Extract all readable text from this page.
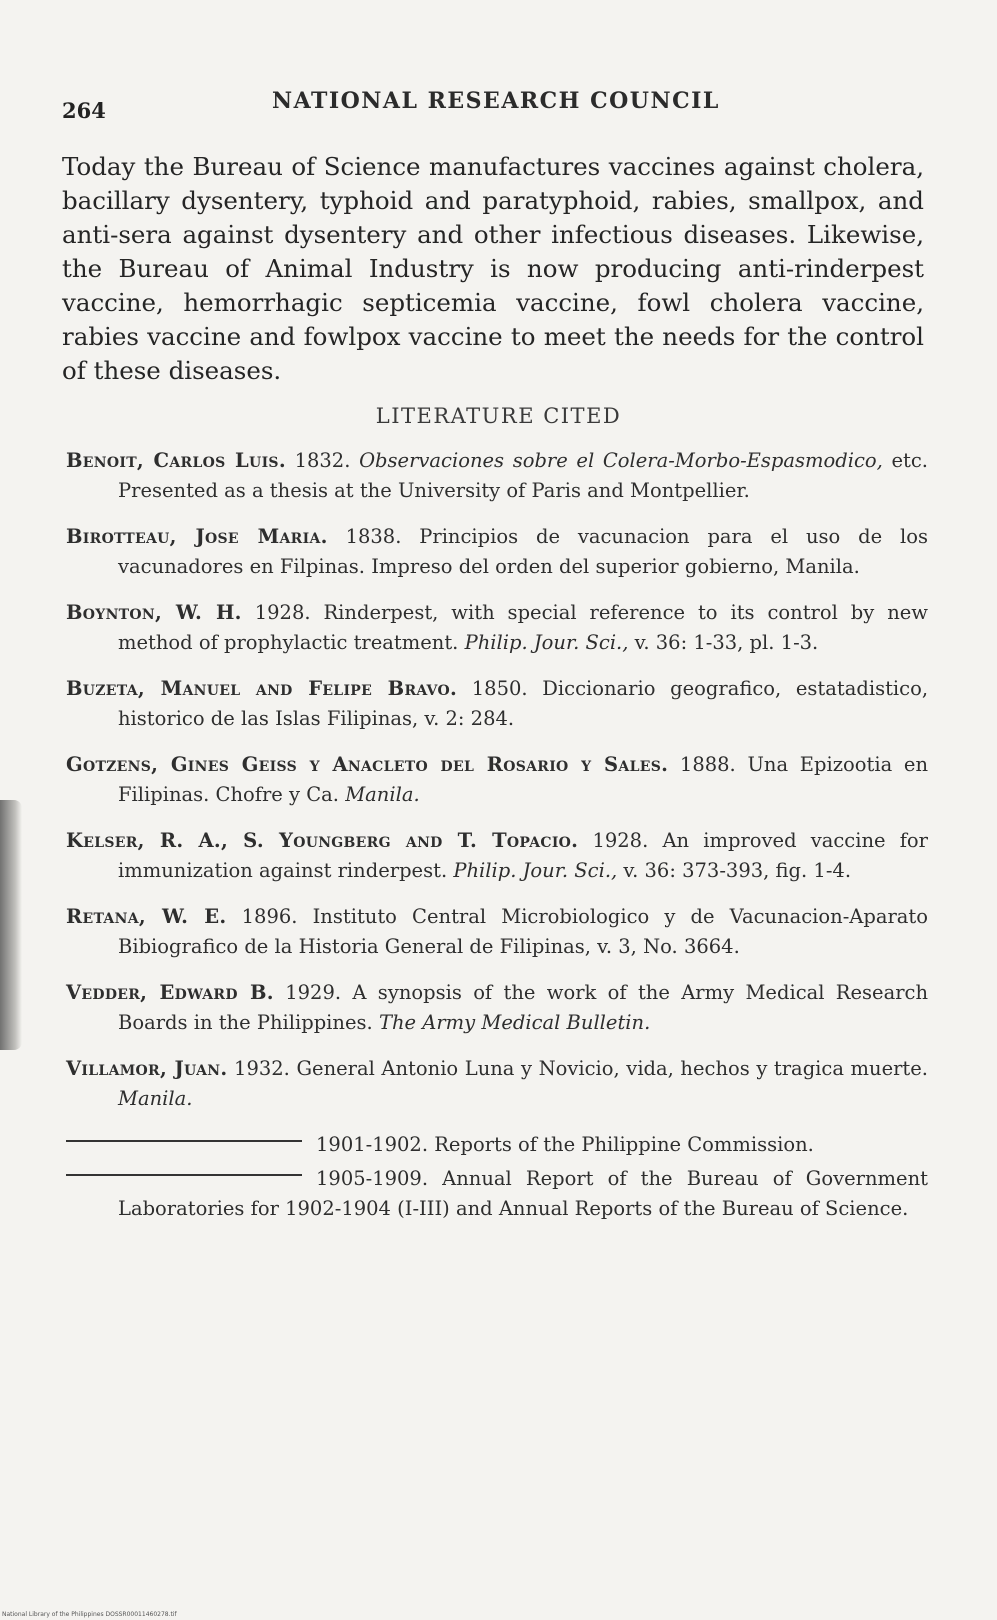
264	NATIONAL RESEARCH COUNCIL

Today the Bureau of Science manufactures vaccines against cholera, bacillary dysentery, typhoid and paratyphoid, rabies, smallpox, and anti-sera against dysentery and other infectious diseases. Likewise, the Bureau of Animal Industry is now producing anti-rinderpest vaccine, hemorrhagic septicemia vaccine, fowl cholera vaccine, rabies vaccine and fowlpox vaccine to meet the needs for the control of these diseases.

LITERATURE CITED

Benoit, Carlos Luis. 1832. Observaciones sobre el Colera-Morbo-Espasmodico, etc. Presented as a thesis at the University of Paris and Montpellier.

Birotteau, Jose Maria. 1838. Principios de vacunacion para el uso de los vacunadores en Filpinas. Impreso del orden del superior gobierno, Manila.

Boynton, W. H. 1928. Rinderpest, with special reference to its control by new method of prophylactic treatment. Philip. Jour. Sci., v. 36: 1-33, pl. 1-3.

Buzeta, Manuel and Felipe Bravo. 1850. Diccionario geografico, estatadistico, historico de las Islas Filipinas, v. 2: 284.

Gotzens, Gines Geiss y Anacleto del Rosario y Sales. 1888. Una Epizootia en Filipinas. Chofre y Ca. Manila.

Kelser, R. A., S. Youngberg and T. Topacio. 1928. An improved vaccine for immunization against rinderpest. Philip. Jour. Sci., v. 36: 373-393, fig. 1-4.

Retana, W. E. 1896. Instituto Central Microbiologico y de Vacunacion-Aparato Bibiografico de la Historia General de Filipinas, v. 3, No. 3664.

Vedder, Edward B. 1929. A synopsis of the work of the Army Medical Research Boards in the Philippines. The Army Medical Bulletin.

Villamor, Juan. 1932. General Antonio Luna y Novicio, vida, hechos y tragica muerte. Manila.

1901-1902. Reports of the Philippine Commission.

1905-1909. Annual Report of the Bureau of Government Laboratories for 1902-1904 (I-III) and Annual Reports of the Bureau of Science.

National Library of the Philippines DOSSR00011460278.tif
